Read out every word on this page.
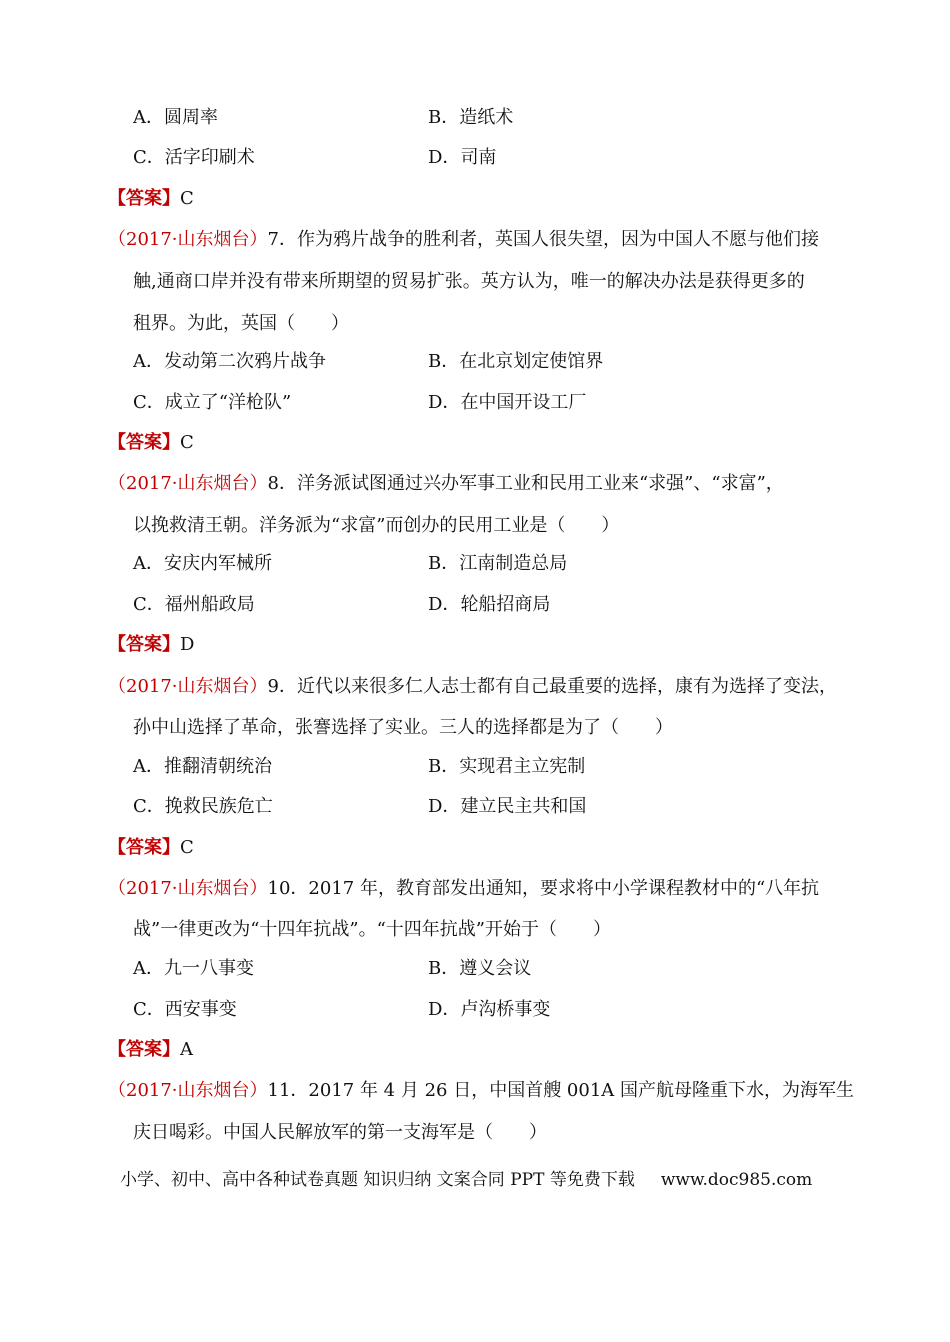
A．圆周率	B．造纸术
C．活字印刷术	D．司南
【答案】C
（2017·山东烟台）7．作为鸦片战争的胜利者，英国人很失望，因为中国人不愿与他们接
触,通商口岸并没有带来所期望的贸易扩张。英方认为，唯一的解决办法是获得更多的
租界。为此，英国（　　）
A．发动第二次鸦片战争	B．在北京划定使馆界
C．成立了“洋枪队”	D．在中国开设工厂
【答案】C
（2017·山东烟台）8．洋务派试图通过兴办军事工业和民用工业来“求强”、“求富”，
以挽救清王朝。洋务派为“求富”而创办的民用工业是（　　）
A．安庆内军械所	B．江南制造总局
C．福州船政局	D．轮船招商局
【答案】D
（2017·山东烟台）9．近代以来很多仁人志士都有自己最重要的选择，康有为选择了变法，
孙中山选择了革命，张謇选择了实业。三人的选择都是为了（　　）
A．推翻清朝统治	B．实现君主立宪制
C．挽救民族危亡	D．建立民主共和国
【答案】C
（2017·山东烟台）10．2017 年，教育部发出通知，要求将中小学课程教材中的“八年抗
战”一律更改为“十四年抗战”。“十四年抗战”开始于（　　）
A．九一八事变	B．遵义会议
C．西安事变	D．卢沟桥事变
【答案】A
（2017·山东烟台）11．2017 年 4 月 26 日，中国首艘 001A 国产航母隆重下水，为海军生
庆日喝彩。中国人民解放军的第一支海军是（　　）
小学、初中、高中各种试卷真题 知识归纳 文案合同 PPT 等免费下载 www.doc985.com
